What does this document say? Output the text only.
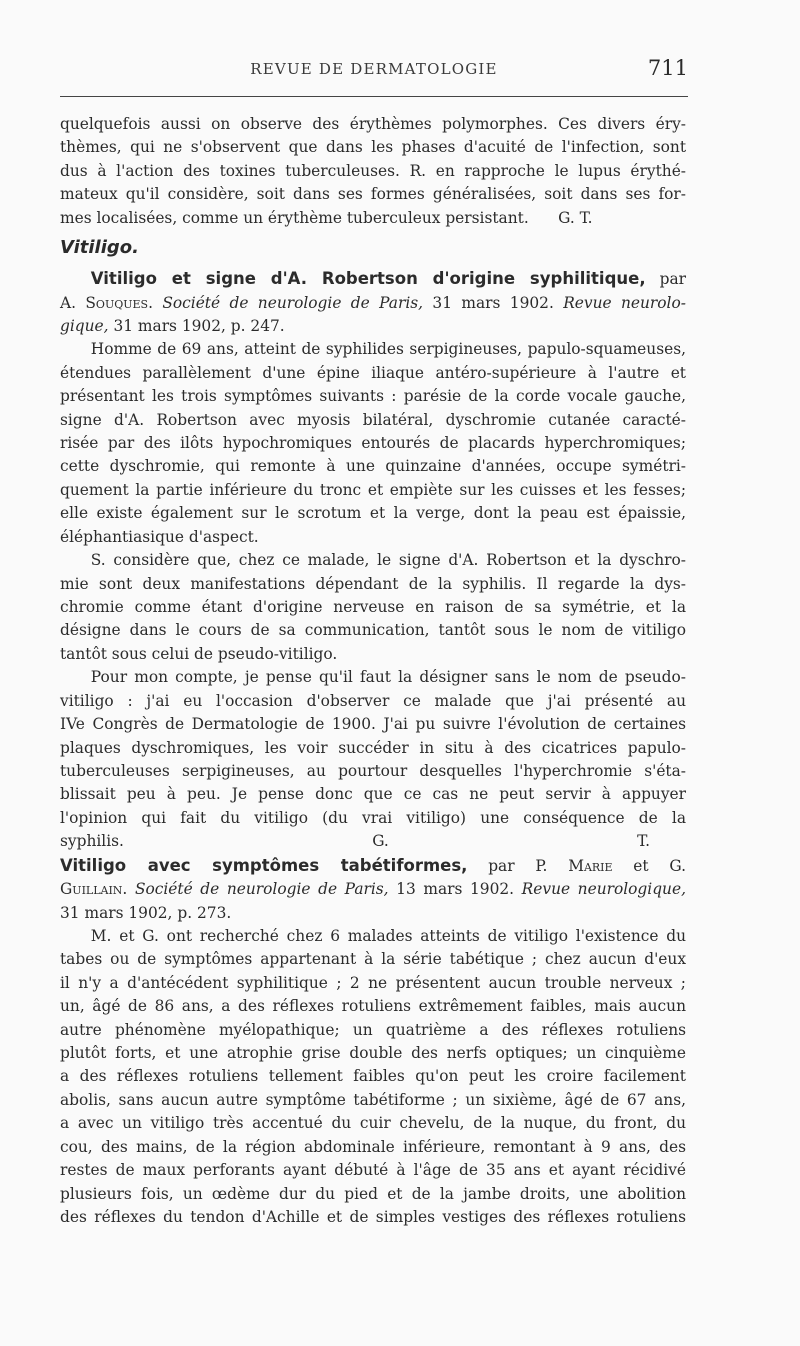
REVUE DE DERMATOLOGIE	711

quelquefois aussi on observe des érythèmes polymorphes. Ces divers éry-
thèmes, qui ne s'observent que dans les phases d'acuité de l'infection, sont
dus à l'action des toxines tuberculeuses. R. en rapproche le lupus érythé-
mateux qu'il considère, soit dans ses formes généralisées, soit dans ses for-
mes localisées, comme un érythème tuberculeux persistant.      G. T.

Vitiligo.

Vitiligo et signe d'A. Robertson d'origine syphilitique, par
A. Souques. Société de neurologie de Paris, 31 mars 1902. Revue neurolo-
gique, 31 mars 1902, p. 247.

Homme de 69 ans, atteint de syphilides serpigineuses, papulo-squameuses,
étendues parallèlement d'une épine iliaque antéro-supérieure à l'autre et
présentant les trois symptômes suivants : parésie de la corde vocale gauche,
signe d'A. Robertson avec myosis bilatéral, dyschromie cutanée caracté-
risée par des ilôts hypochromiques entourés de placards hyperchromiques;
cette dyschromie, qui remonte à une quinzaine d'années, occupe symétri-
quement la partie inférieure du tronc et empiète sur les cuisses et les fesses;
elle existe également sur le scrotum et la verge, dont la peau est épaissie,
éléphantiasique d'aspect.

S. considère que, chez ce malade, le signe d'A. Robertson et la dyschro-
mie sont deux manifestations dépendant de la syphilis. Il regarde la dys-
chromie comme étant d'origine nerveuse en raison de sa symétrie, et la
désigne dans le cours de sa communication, tantôt sous le nom de vitiligo
tantôt sous celui de pseudo-vitiligo.

Pour mon compte, je pense qu'il faut la désigner sans le nom de pseudo-
vitiligo : j'ai eu l'occasion d'observer ce malade que j'ai présenté au
IVe Congrès de Dermatologie de 1900. J'ai pu suivre l'évolution de certaines
plaques dyschromiques, les voir succéder in situ à des cicatrices papulo-
tuberculeuses serpigineuses, au pourtour desquelles l'hyperchromie s'éta-
blissait peu à peu. Je pense donc que ce cas ne peut servir à appuyer
l'opinion qui fait du vitiligo (du vrai vitiligo) une conséquence de la
syphilis.	G. T.

Vitiligo avec symptômes tabétiformes, par P. Marie et G.
Guillain. Société de neurologie de Paris, 13 mars 1902. Revue neurologique,
31 mars 1902, p. 273.

M. et G. ont recherché chez 6 malades atteints de vitiligo l'existence du
tabes ou de symptômes appartenant à la série tabétique ; chez aucun d'eux
il n'y a d'antécédent syphilitique ; 2 ne présentent aucun trouble nerveux ;
un, âgé de 86 ans, a des réflexes rotuliens extrêmement faibles, mais aucun
autre phénomène myélopathique; un quatrième a des réflexes rotuliens
plutôt forts, et une atrophie grise double des nerfs optiques; un cinquième
a des réflexes rotuliens tellement faibles qu'on peut les croire facilement
abolis, sans aucun autre symptôme tabétiforme ; un sixième, âgé de 67 ans,
a avec un vitiligo très accentué du cuir chevelu, de la nuque, du front, du
cou, des mains, de la région abdominale inférieure, remontant à 9 ans, des
restes de maux perforants ayant débuté à l'âge de 35 ans et ayant récidivé
plusieurs fois, un œdème dur du pied et de la jambe droits, une abolition
des réflexes du tendon d'Achille et de simples vestiges des réflexes rotuliens
